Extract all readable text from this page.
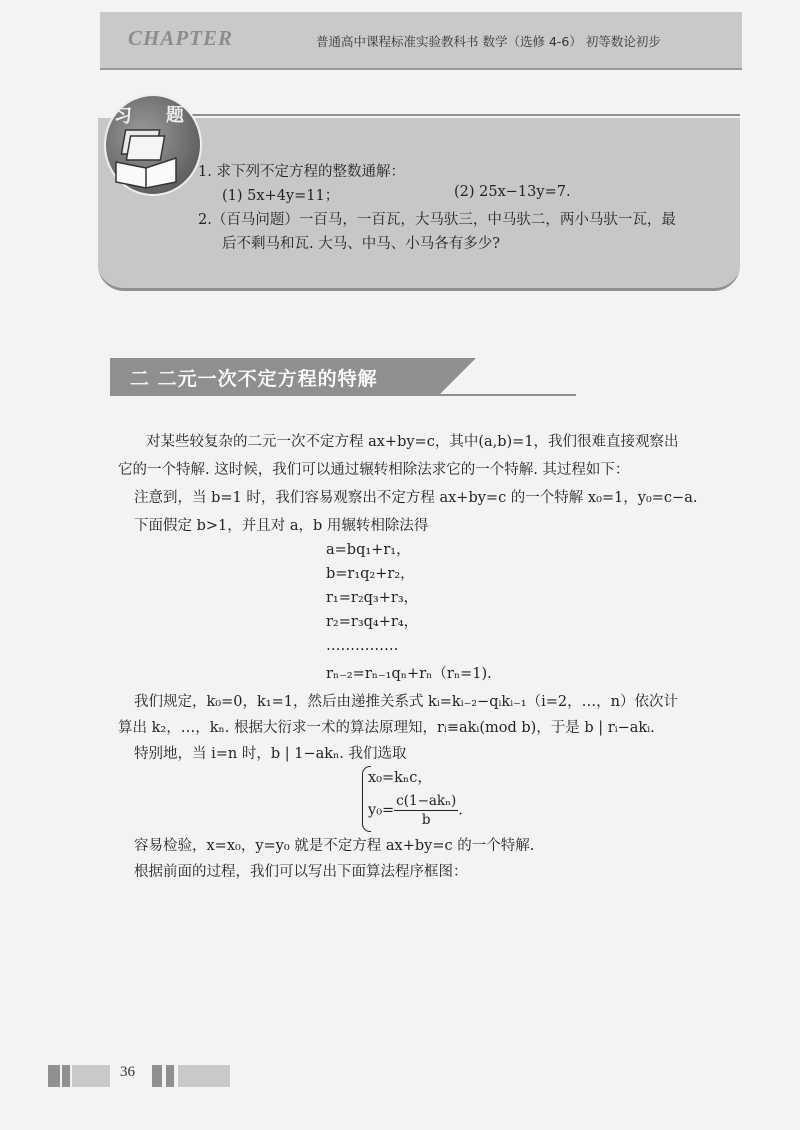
CHAPTER	普通高中课程标准实验教科书 数学（选修 4-6） 初等数论初步
习 题
1. 求下列不定方程的整数通解：
(1) 5x+4y=11；	(2) 25x−13y=7.
2.（百马问题）一百马，一百瓦，大马驮三，中马驮二，两小马驮一瓦，最
后不剩马和瓦. 大马、中马、小马各有多少?
二 二元一次不定方程的特解
对某些较复杂的二元一次不定方程 ax+by=c，其中(a,b)=1，我们很难直接观察出
它的一个特解. 这时候，我们可以通过辗转相除法求它的一个特解. 其过程如下：
注意到，当 b=1 时，我们容易观察出不定方程 ax+by=c 的一个特解 x₀=1，y₀=c−a.
下面假定 b>1，并且对 a，b 用辗转相除法得
a=bq₁+r₁，
b=r₁q₂+r₂，
r₁=r₂q₃+r₃，
r₂=r₃q₄+r₄，
……………
rₙ₋₂=rₙ₋₁qₙ+rₙ（rₙ=1).
我们规定，k₀=0，k₁=1，然后由递推关系式 kᵢ=kᵢ₋₂−qᵢkᵢ₋₁（i=2，…，n）依次计
算出 k₂，…，kₙ. 根据大衍求一术的算法原理知，rᵢ≡akᵢ(mod b)，于是 b | rᵢ−akᵢ.
特别地，当 i=n 时，b | 1−akₙ. 我们选取
x₀=kₙc，
$y_0= \frac{\text{c(1−akₙ)}}{b}$ .
容易检验，x=x₀，y=y₀ 就是不定方程 ax+by=c 的一个特解.
根据前面的过程，我们可以写出下面算法程序框图：
36
